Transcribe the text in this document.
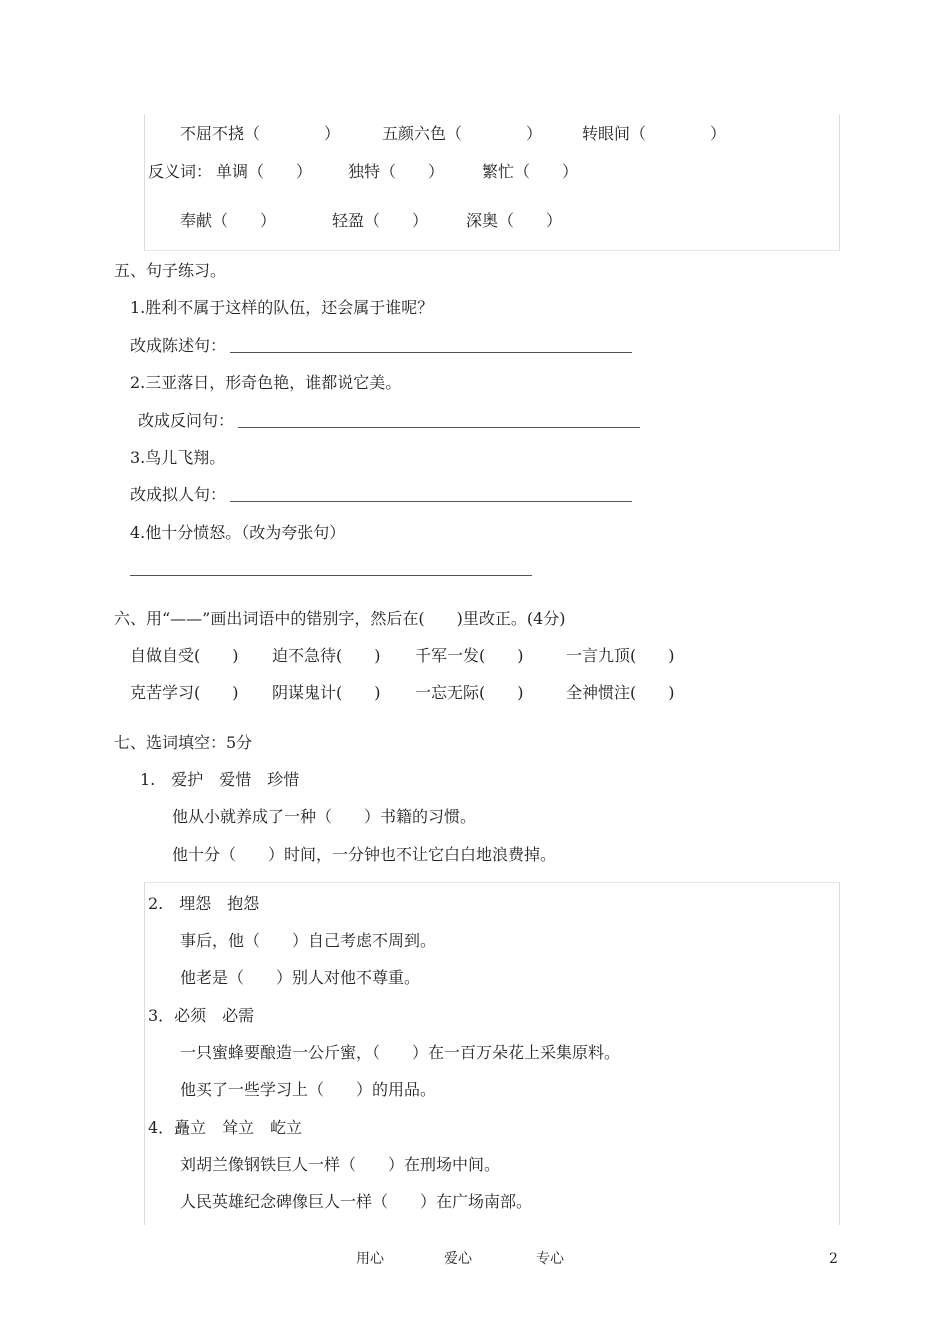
不屈不挠（　　　　）	五颜六色（　　　　） 转眼间（　　　　）
反义词： 单调（　　） 独特（　　） 繁忙（　　）
奉献（　　）	轻盈（　　） 深奥（　　）
五、句子练习。
1.胜利不属于这样的队伍，还会属于谁呢？
改成陈述句：
2.三亚落日，形奇色艳，谁都说它美。
改成反问句：
3.鸟儿飞翔。
改成拟人句：
4.他十分愤怒。（改为夸张句）
六、用“——”画出词语中的错别字，然后在(　　)里改正。(4分)
自做自受(　　) 迫不急待(　　) 千军一发(　　)	一言九顶(　　)
克苦学习(　　) 阴谋鬼计(　　) 一忘无际(　　)	全神惯注(　　)
七、选词填空：5分
1.　爱护　爱惜　珍惜
他从小就养成了一种（　　）书籍的习惯。
他十分（　　）时间，一分钟也不让它白白地浪费掉。
2.　埋怨　抱怨
事后，他（　　）自己考虑不周到。
他老是（　　）别人对他不尊重。
3．必须　必需
一只蜜蜂要酿造一公斤蜜，（　　）在一百万朵花上采集原料。
他买了一些学习上（　　）的用品。
4．矗立　耸立　屹立
刘胡兰像钢铁巨人一样（　　）在刑场中间。
人民英雄纪念碑像巨人一样（　　）在广场南部。
用心	爱心	专心	2
